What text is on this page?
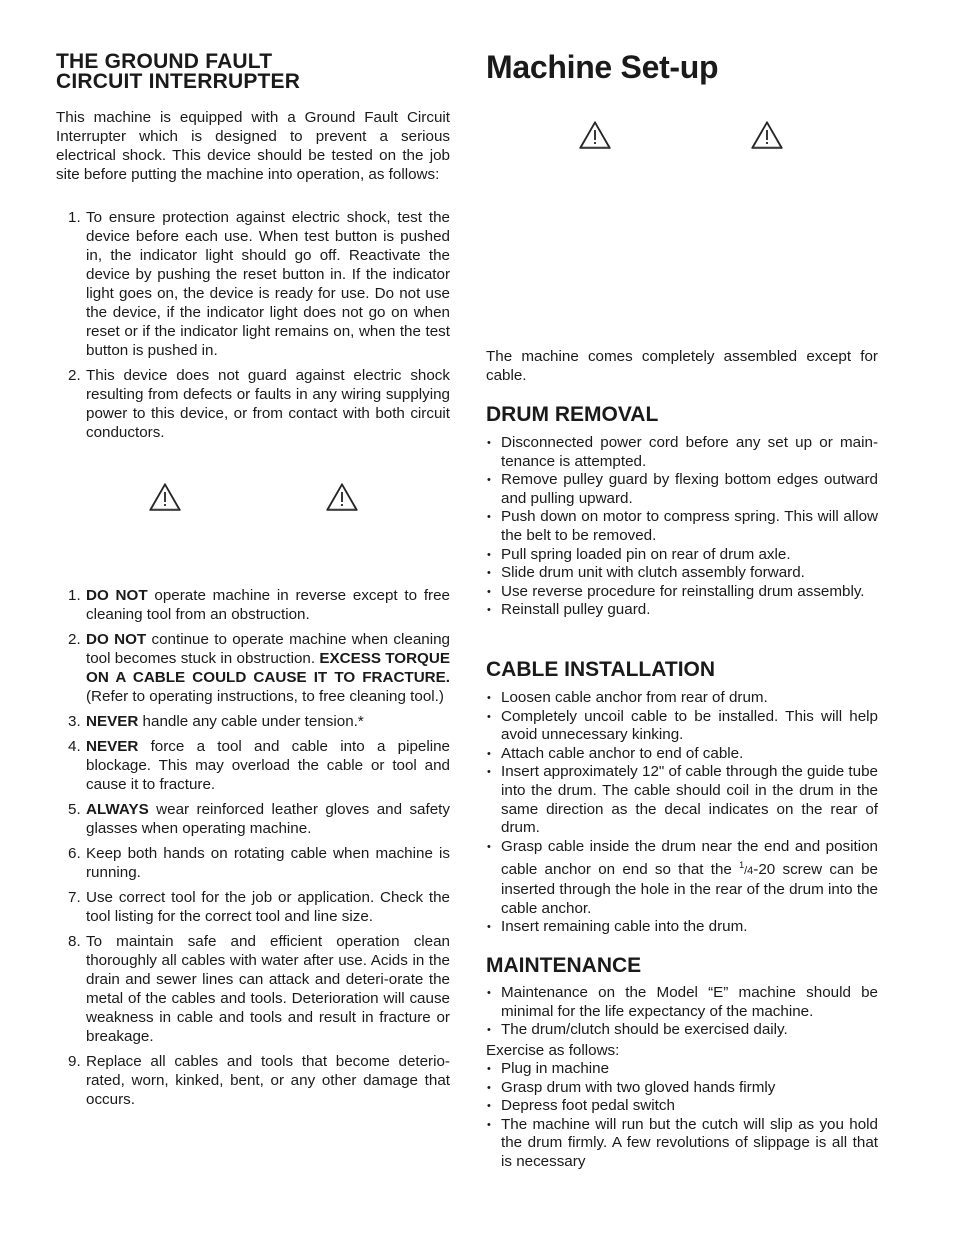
THE GROUND FAULT
CIRCUIT INTERRUPTER

This machine is equipped with a Ground Fault Circuit Interrupter which is designed to prevent a serious electrical shock. This device should be tested on the job site before putting the machine into operation, as follows:

1. To ensure protection against electric shock, test the device before each use. When test button is pushed in, the indicator light should go off. Reactivate the device by pushing the reset button in. If the indicator light goes on, the device is ready for use. Do not use the device, if the indicator light does not go on when reset or if the indicator light remains on, when the test button is pushed in.
2. This device does not guard against electric shock resulting from defects or faults in any wiring supplying power to this device, or from contact with both circuit conductors.
1. DO NOT operate machine in reverse except to free cleaning tool from an obstruction.
2. DO NOT continue to operate machine when cleaning tool becomes stuck in obstruction. EXCESS TORQUE ON A CABLE COULD CAUSE IT TO FRACTURE. (Refer to operating instructions, to free cleaning tool.)
3. NEVER handle any cable under tension.*
4. NEVER force a tool and cable into a pipeline blockage. This may overload the cable or tool and cause it to fracture.
5. ALWAYS wear reinforced leather gloves and safety glasses when operating machine.
6. Keep both hands on rotating cable when machine is running.
7. Use correct tool for the job or application. Check the tool listing for the correct tool and line size.
8. To maintain safe and efficient operation clean thoroughly all cables with water after use. Acids in the drain and sewer lines can attack and deteri-orate the metal of the cables and tools. Deterioration will cause weakness in cable and tools and result in fracture or breakage.
9. Replace all cables and tools that become deterio-rated, worn, kinked, bent, or any other damage that occurs.
Machine Set-up

The machine comes completely assembled except for cable.

DRUM REMOVAL
• Disconnected power cord before any set up or main-tenance is attempted.
• Remove pulley guard by flexing bottom edges outward and pulling upward.
• Push down on motor to compress spring. This will allow the belt to be removed.
• Pull spring loaded pin on rear of drum axle.
• Slide drum unit with clutch assembly forward.
• Use reverse procedure for reinstalling drum assembly.
• Reinstall pulley guard.
CABLE INSTALLATION
• Loosen cable anchor from rear of drum.
• Completely uncoil cable to be installed. This will help avoid unnecessary kinking.
• Attach cable anchor to end of cable.
• Insert approximately 12" of cable through the guide tube into the drum. The cable should coil in the drum in the same direction as the decal indicates on the rear of drum.
• Grasp cable inside the drum near the end and position cable anchor on end so that the $^1$/4-20 screw can be inserted through the hole in the rear of the drum into the cable anchor.
• Insert remaining cable into the drum.
MAINTENANCE
• Maintenance on the Model “E” machine should be minimal for the life expectancy of the machine.
• The drum/clutch should be exercised daily.
Exercise as follows:
• Plug in machine
• Grasp drum with two gloved hands firmly
• Depress foot pedal switch
• The machine will run but the cutch will slip as you hold the drum firmly. A few revolutions of slippage is all that is necessary
